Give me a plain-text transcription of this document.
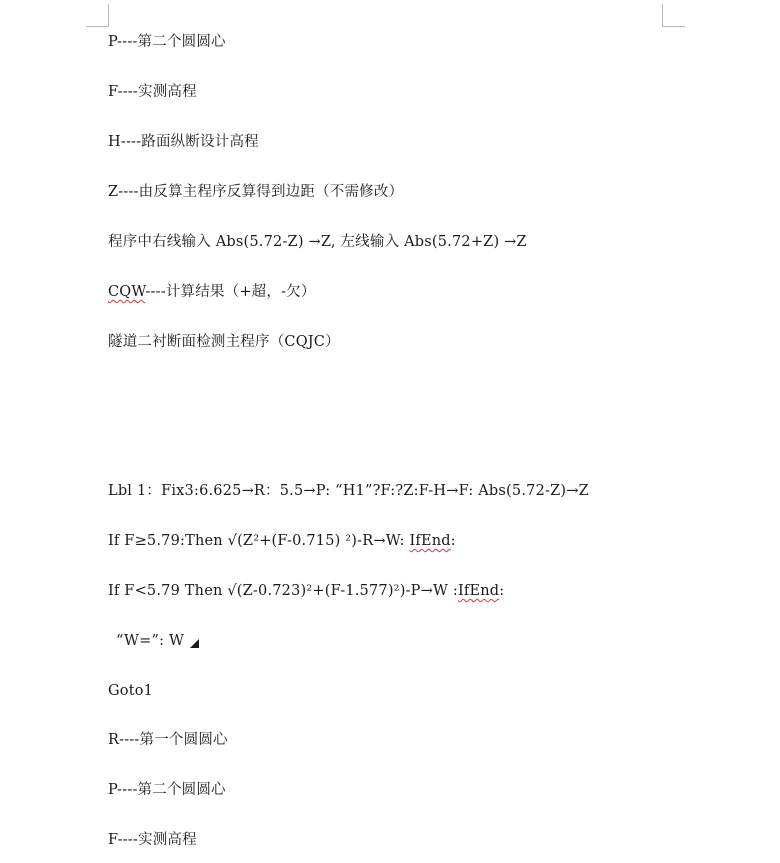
P----第二个圆圆心
F----实测高程
H----路面纵断设计高程
Z----由反算主程序反算得到边距（不需修改）
程序中右线输入 Abs(5.72-Z) →Z, 左线输入 Abs(5.72+Z) →Z
CQW----计算结果（+超，-欠）
隧道二衬断面检测主程序（CQJC）
Lbl 1：Fix3:6.625→R：5.5→P: “H1”?F:?Z:F-H→F: Abs(5.72-Z)→Z
If F≥5.79:Then √(Z²+(F-0.715) ²)-R→W: IfEnd:
If F<5.79 Then √(Z-0.723)²+(F-1.577)²)-P→W :IfEnd:
“W=”: W
Goto1
R----第一个圆圆心
P----第二个圆圆心
F----实测高程
